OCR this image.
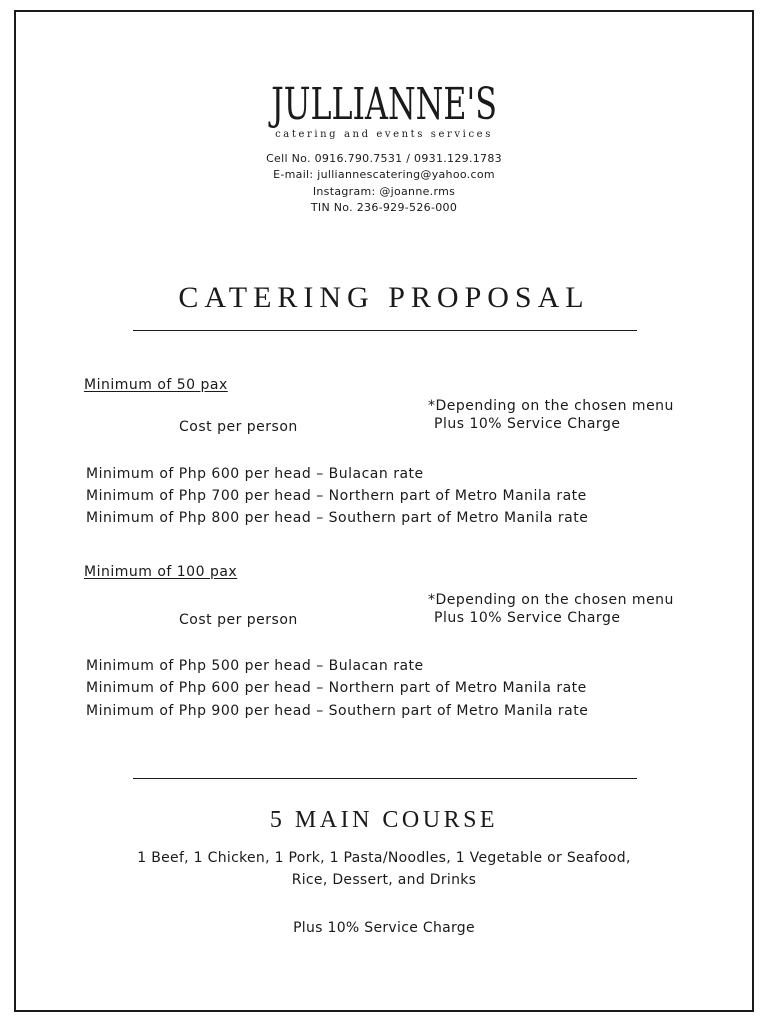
JULLIANNE'S
catering and events services
Cell No. 0916.790.7531 / 0931.129.1783
E-mail: julliannescatering@yahoo.com
Instagram: @joanne.rms
TIN No. 236-929-526-000
CATERING PROPOSAL
Minimum of 50 pax
Cost per person
*Depending on the chosen menu
Plus 10% Service Charge
Minimum of Php 600 per head – Bulacan rate
Minimum of Php 700 per head – Northern part of Metro Manila rate
Minimum of Php 800 per head – Southern part of Metro Manila rate
Minimum of 100 pax
Cost per person
*Depending on the chosen menu
Plus 10% Service Charge
Minimum of Php 500 per head – Bulacan rate
Minimum of Php 600 per head – Northern part of Metro Manila rate
Minimum of Php 900 per head – Southern part of Metro Manila rate
5 MAIN COURSE
1 Beef, 1 Chicken, 1 Pork, 1 Pasta/Noodles, 1 Vegetable or Seafood,
Rice, Dessert, and Drinks
Plus 10% Service Charge
